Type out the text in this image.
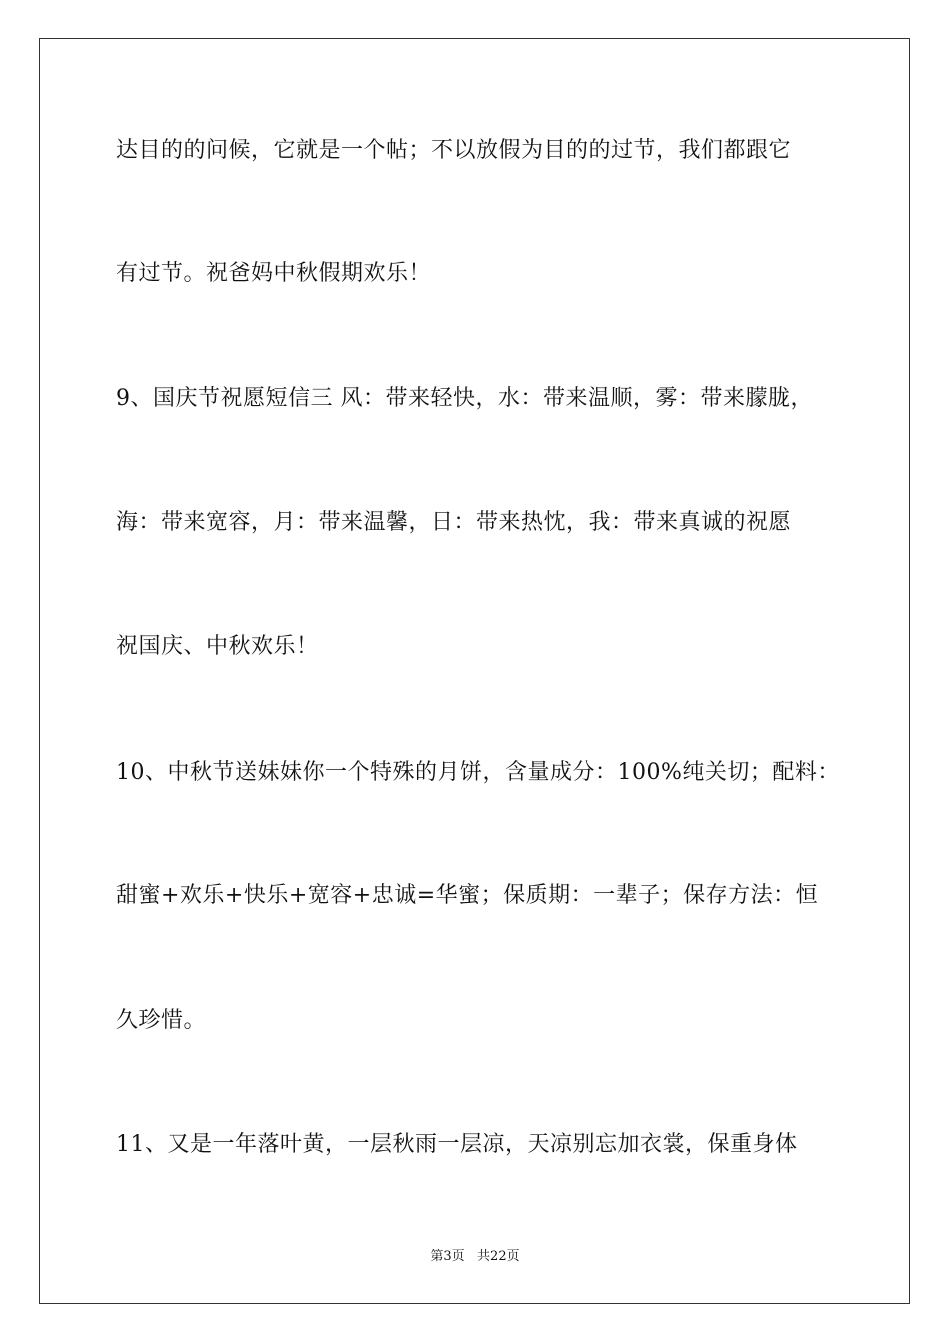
达目的的问候，它就是一个帖；不以放假为目的的过节，我们都跟它
有过节。祝爸妈中秋假期欢乐！
9、国庆节祝愿短信三 风：带来轻快，水：带来温顺，雾：带来朦胧，
海：带来宽容，月：带来温馨，日：带来热忱，我：带来真诚的祝愿
祝国庆、中秋欢乐！
10、中秋节送妹妹你一个特殊的月饼，含量成分：100%纯关切；配料：
甜蜜+欢乐+快乐+宽容+忠诚=华蜜；保质期：一辈子；保存方法：恒
久珍惜。
11、又是一年落叶黄，一层秋雨一层凉，天凉别忘加衣裳，保重身体
第3页   共22页
